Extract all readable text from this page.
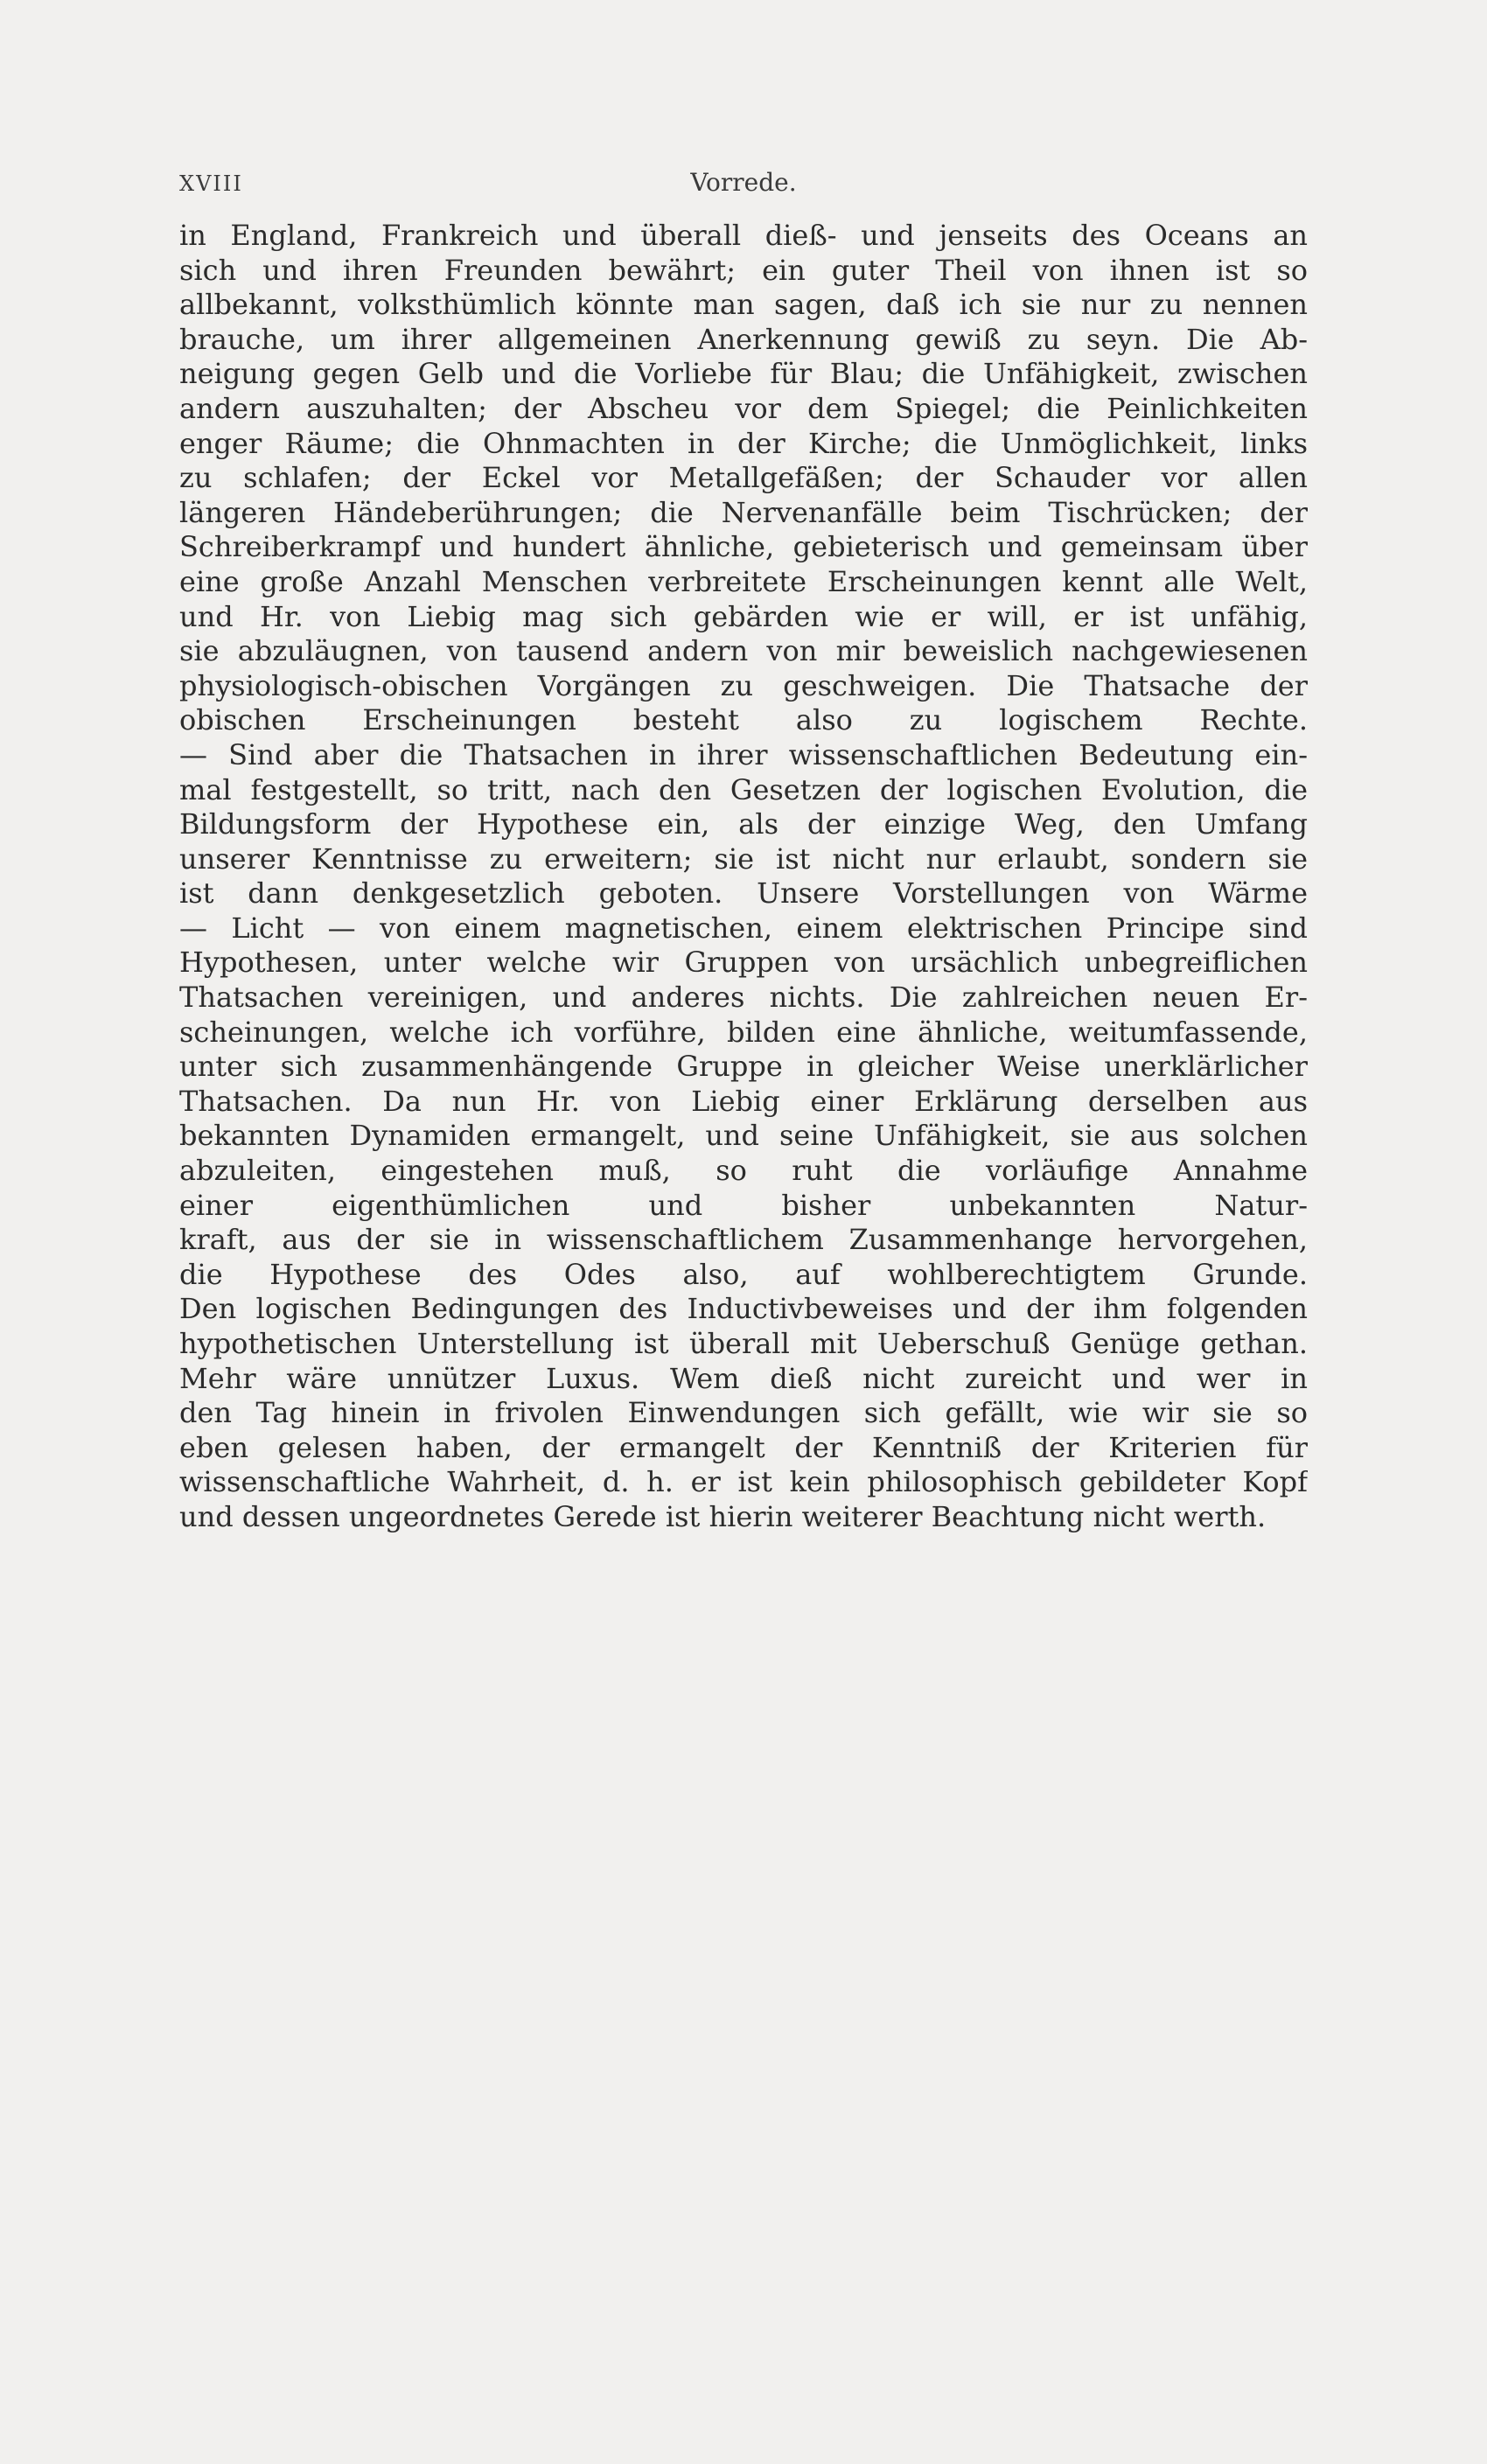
XVIII	Vorrede.
in England, Frankreich und überall dieß- und jenseits des Oceans an
sich und ihren Freunden bewährt; ein guter Theil von ihnen ist so
allbekannt, volksthümlich könnte man sagen, daß ich sie nur zu nennen
brauche, um ihrer allgemeinen Anerkennung gewiß zu seyn. Die Ab-
neigung gegen Gelb und die Vorliebe für Blau; die Unfähigkeit, zwischen
andern auszuhalten; der Abscheu vor dem Spiegel; die Peinlichkeiten
enger Räume; die Ohnmachten in der Kirche; die Unmöglichkeit, links
zu schlafen; der Eckel vor Metallgefäßen; der Schauder vor allen
längeren Händeberührungen; die Nervenanfälle beim Tischrücken; der
Schreiberkrampf und hundert ähnliche, gebieterisch und gemeinsam über
eine große Anzahl Menschen verbreitete Erscheinungen kennt alle Welt,
und Hr. von Liebig mag sich gebärden wie er will, er ist unfähig,
sie abzuläugnen, von tausend andern von mir beweislich nachgewiesenen
physiologisch-obischen Vorgängen zu geschweigen. Die Thatsache der
obischen Erscheinungen besteht also zu logischem Rechte.
— Sind aber die Thatsachen in ihrer wissenschaftlichen Bedeutung ein-
mal festgestellt, so tritt, nach den Gesetzen der logischen Evolution, die
Bildungsform der Hypothese ein, als der einzige Weg, den Umfang
unserer Kenntnisse zu erweitern; sie ist nicht nur erlaubt, sondern sie
ist dann denkgesetzlich geboten. Unsere Vorstellungen von Wärme
— Licht — von einem magnetischen, einem elektrischen Principe sind
Hypothesen, unter welche wir Gruppen von ursächlich unbegreiflichen
Thatsachen vereinigen, und anderes nichts. Die zahlreichen neuen Er-
scheinungen, welche ich vorführe, bilden eine ähnliche, weitumfassende,
unter sich zusammenhängende Gruppe in gleicher Weise unerklärlicher
Thatsachen. Da nun Hr. von Liebig einer Erklärung derselben aus
bekannten Dynamiden ermangelt, und seine Unfähigkeit, sie aus solchen
abzuleiten, eingestehen muß, so ruht die vorläufige Annahme
einer eigenthümlichen und bisher unbekannten Natur-
kraft, aus der sie in wissenschaftlichem Zusammenhange hervorgehen,
die Hypothese des Odes also, auf wohlberechtigtem Grunde.
Den logischen Bedingungen des Inductivbeweises und der ihm folgenden
hypothetischen Unterstellung ist überall mit Ueberschuß Genüge gethan.
Mehr wäre unnützer Luxus. Wem dieß nicht zureicht und wer in
den Tag hinein in frivolen Einwendungen sich gefällt, wie wir sie so
eben gelesen haben, der ermangelt der Kenntniß der Kriterien für
wissenschaftliche Wahrheit, d. h. er ist kein philosophisch gebildeter Kopf
und dessen ungeordnetes Gerede ist hierin weiterer Beachtung nicht werth.
